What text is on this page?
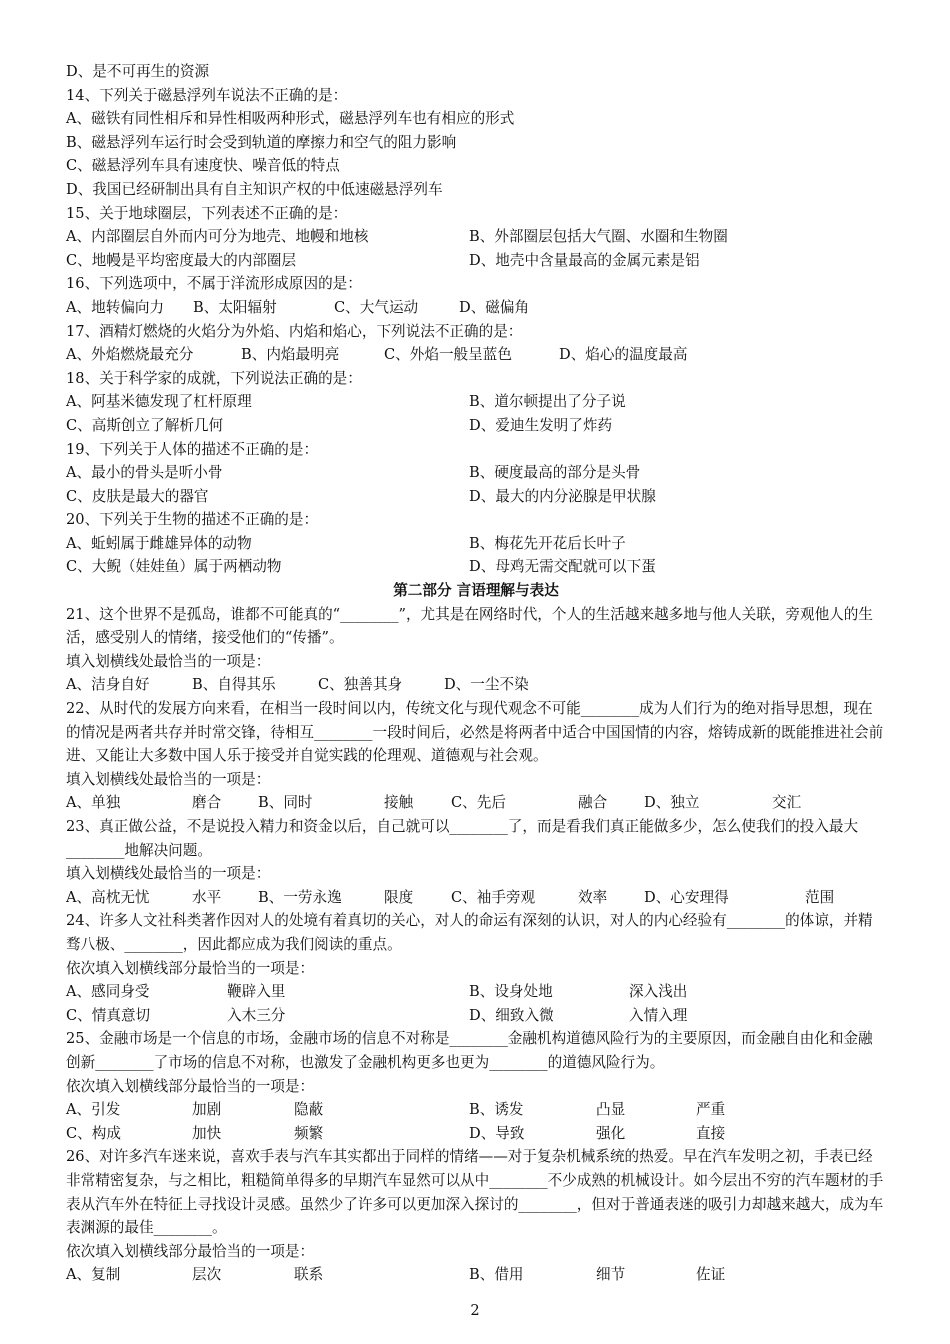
D、是不可再生的资源
14、下列关于磁悬浮列车说法不正确的是：
A、磁铁有同性相斥和异性相吸两种形式，磁悬浮列车也有相应的形式
B、磁悬浮列车运行时会受到轨道的摩擦力和空气的阻力影响
C、磁悬浮列车具有速度快、噪音低的特点
D、我国已经研制出具有自主知识产权的中低速磁悬浮列车
15、关于地球圈层，下列表述不正确的是：
A、内部圈层自外而内可分为地壳、地幔和地核	B、外部圈层包括大气圈、水圈和生物圈
C、地幔是平均密度最大的内部圈层	D、地壳中含量最高的金属元素是铝
16、下列选项中，不属于洋流形成原因的是：
A、地转偏向力 B、太阳辐射	C、大气运动	D、磁偏角
17、酒精灯燃烧的火焰分为外焰、内焰和焰心，下列说法不正确的是：
A、外焰燃烧最充分	B、内焰最明亮	C、外焰一般呈蓝色	D、焰心的温度最高
18、关于科学家的成就，下列说法正确的是：
A、阿基米德发现了杠杆原理	B、道尔顿提出了分子说
C、高斯创立了解析几何	D、爱迪生发明了炸药
19、下列关于人体的描述不正确的是：
A、最小的骨头是听小骨	B、硬度最高的部分是头骨
C、皮肤是最大的器官	D、最大的内分泌腺是甲状腺
20、下列关于生物的描述不正确的是：
A、蚯蚓属于雌雄异体的动物	B、梅花先开花后长叶子
C、大鲵（娃娃鱼）属于两栖动物	D、母鸡无需交配就可以下蛋
第二部分 言语理解与表达
21、这个世界不是孤岛，谁都不可能真的“________”，尤其是在网络时代，个人的生活越来越多地与他人关联，旁观他人的生活，感受别人的情绪，接受他们的“传播”。
填入划横线处最恰当的一项是：
A、洁身自好	B、自得其乐	C、独善其身	D、一尘不染
22、从时代的发展方向来看，在相当一段时间以内，传统文化与现代观念不可能________成为人们行为的绝对指导思想，现在的情况是两者共存并时常交锋，待相互________一段时间后，必然是将两者中适合中国国情的内容，熔铸成新的既能推进社会前进、又能让大多数中国人乐于接受并自觉实践的伦理观、道德观与社会观。
填入划横线处最恰当的一项是：
A、单独	磨合	B、同时	接触	C、先后	融合	D、独立	交汇
23、真正做公益，不是说投入精力和资金以后，自己就可以________了，而是看我们真正能做多少，怎么使我们的投入最大________地解决问题。
填入划横线处最恰当的一项是：
A、高枕无忧	水平	B、一劳永逸	限度	C、袖手旁观	效率	D、心安理得	范围
24、许多人文社科类著作因对人的处境有着真切的关心，对人的命运有深刻的认识，对人的内心经验有________的体谅，并精骛八极、________，因此都应成为我们阅读的重点。
依次填入划横线部分最恰当的一项是：
A、感同身受	鞭辟入里	B、设身处地	深入浅出
C、情真意切	入木三分	D、细致入微	入情入理
25、金融市场是一个信息的市场，金融市场的信息不对称是________金融机构道德风险行为的主要原因，而金融自由化和金融创新________了市场的信息不对称，也激发了金融机构更多也更为________的道德风险行为。
依次填入划横线部分最恰当的一项是：
A、引发	加剧	隐蔽	B、诱发	凸显	严重
C、构成	加快	频繁	D、导致	强化	直接
26、对许多汽车迷来说，喜欢手表与汽车其实都出于同样的情绪——对于复杂机械系统的热爱。早在汽车发明之初，手表已经非常精密复杂，与之相比，粗糙简单得多的早期汽车显然可以从中________不少成熟的机械设计。如今层出不穷的汽车题材的手表从汽车外在特征上寻找设计灵感。虽然少了许多可以更加深入探讨的________，但对于普通表迷的吸引力却越来越大，成为车表渊源的最佳________。
依次填入划横线部分最恰当的一项是：
A、复制	层次	联系	B、借用	细节	佐证
2
